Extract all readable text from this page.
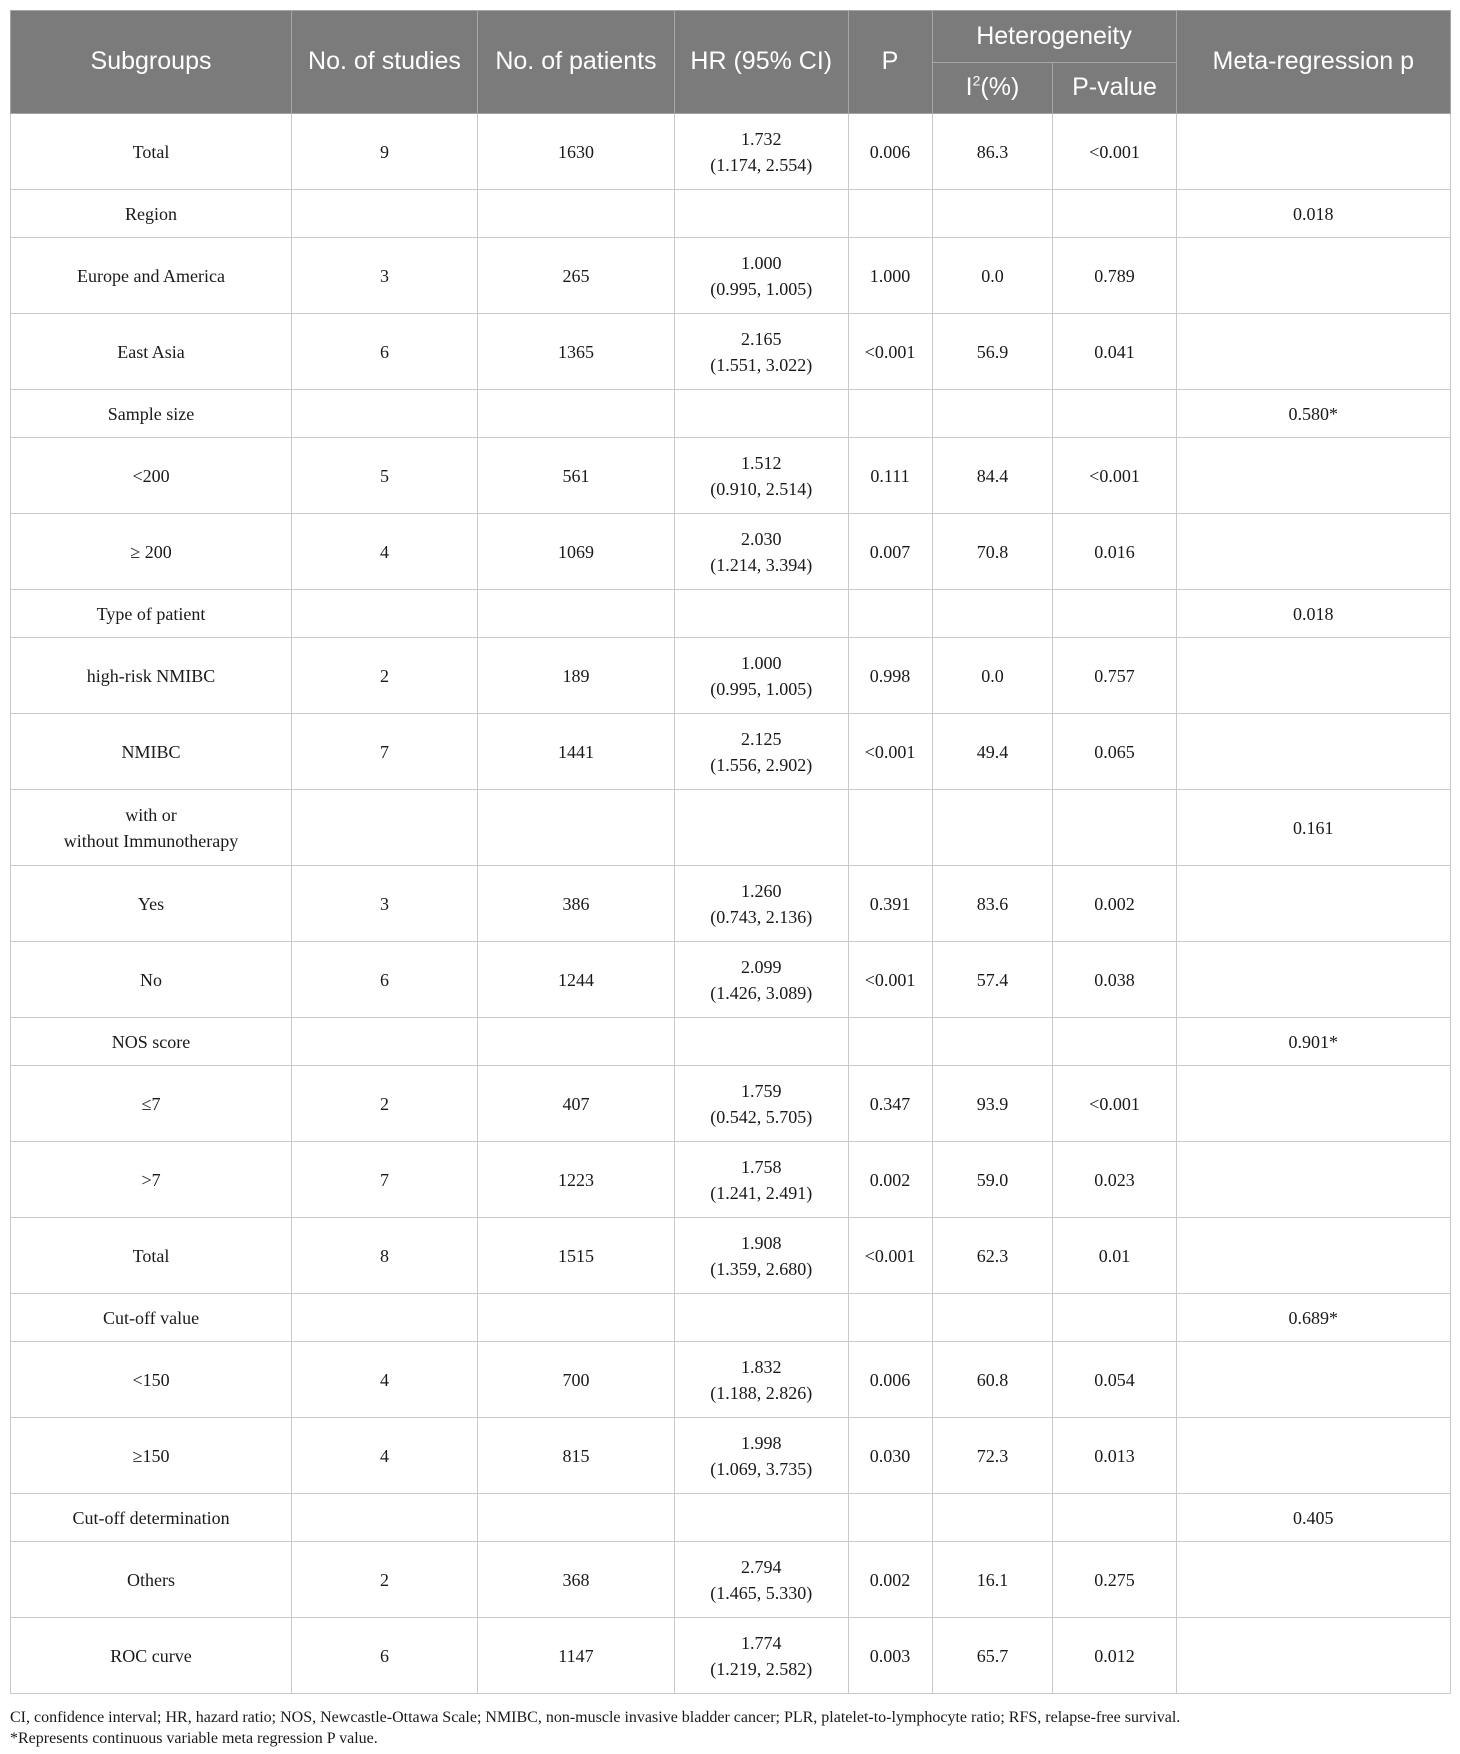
Subgroups	No. of studies	No. of patients	HR (95% CI)	P	Heterogeneity		Meta-regression p
					$I^2(\%)$	P-value	

Total	9	1630	1.732
(1.174, 2.554)	0.006	86.3	<0.001	

Region							0.018

Europe and America	3	265	1.000
(0.995, 1.005)	1.000	0.0	0.789	

East Asia	6	1365	2.165
(1.551, 3.022)	<0.001	56.9	0.041	

Sample size							0.580*

<200	5	561	1.512
(0.910, 2.514)	0.111	84.4	<0.001	

≥ 200	4	1069	2.030
(1.214, 3.394)	0.007	70.8	0.016	

Type of patient							0.018

high-risk NMIBC	2	189	1.000
(0.995, 1.005)	0.998	0.0	0.757	

NMIBC	7	1441	2.125
(1.556, 2.902)	<0.001	49.4	0.065	

with or
without Immunotherapy							0.161

Yes	3	386	1.260
(0.743, 2.136)	0.391	83.6	0.002	

No	6	1244	2.099
(1.426, 3.089)	<0.001	57.4	0.038	

NOS score							0.901*

≤7	2	407	1.759
(0.542, 5.705)	0.347	93.9	<0.001	

>7	7	1223	1.758
(1.241, 2.491)	0.002	59.0	0.023	

Total	8	1515	1.908
(1.359, 2.680)	<0.001	62.3	0.01	

Cut-off value							0.689*

<150	4	700	1.832
(1.188, 2.826)	0.006	60.8	0.054	

≥150	4	815	1.998
(1.069, 3.735)	0.030	72.3	0.013	

Cut-off determination							0.405

Others	2	368	2.794
(1.465, 5.330)	0.002	16.1	0.275	

ROC curve	6	1147	1.774
(1.219, 2.582)	0.003	65.7	0.012	

CI, confidence interval; HR, hazard ratio; NOS, Newcastle-Ottawa Scale; NMIBC, non-muscle invasive bladder cancer; PLR, platelet-to-lymphocyte ratio; RFS, relapse-free survival.

*Represents continuous variable meta regression P value.
